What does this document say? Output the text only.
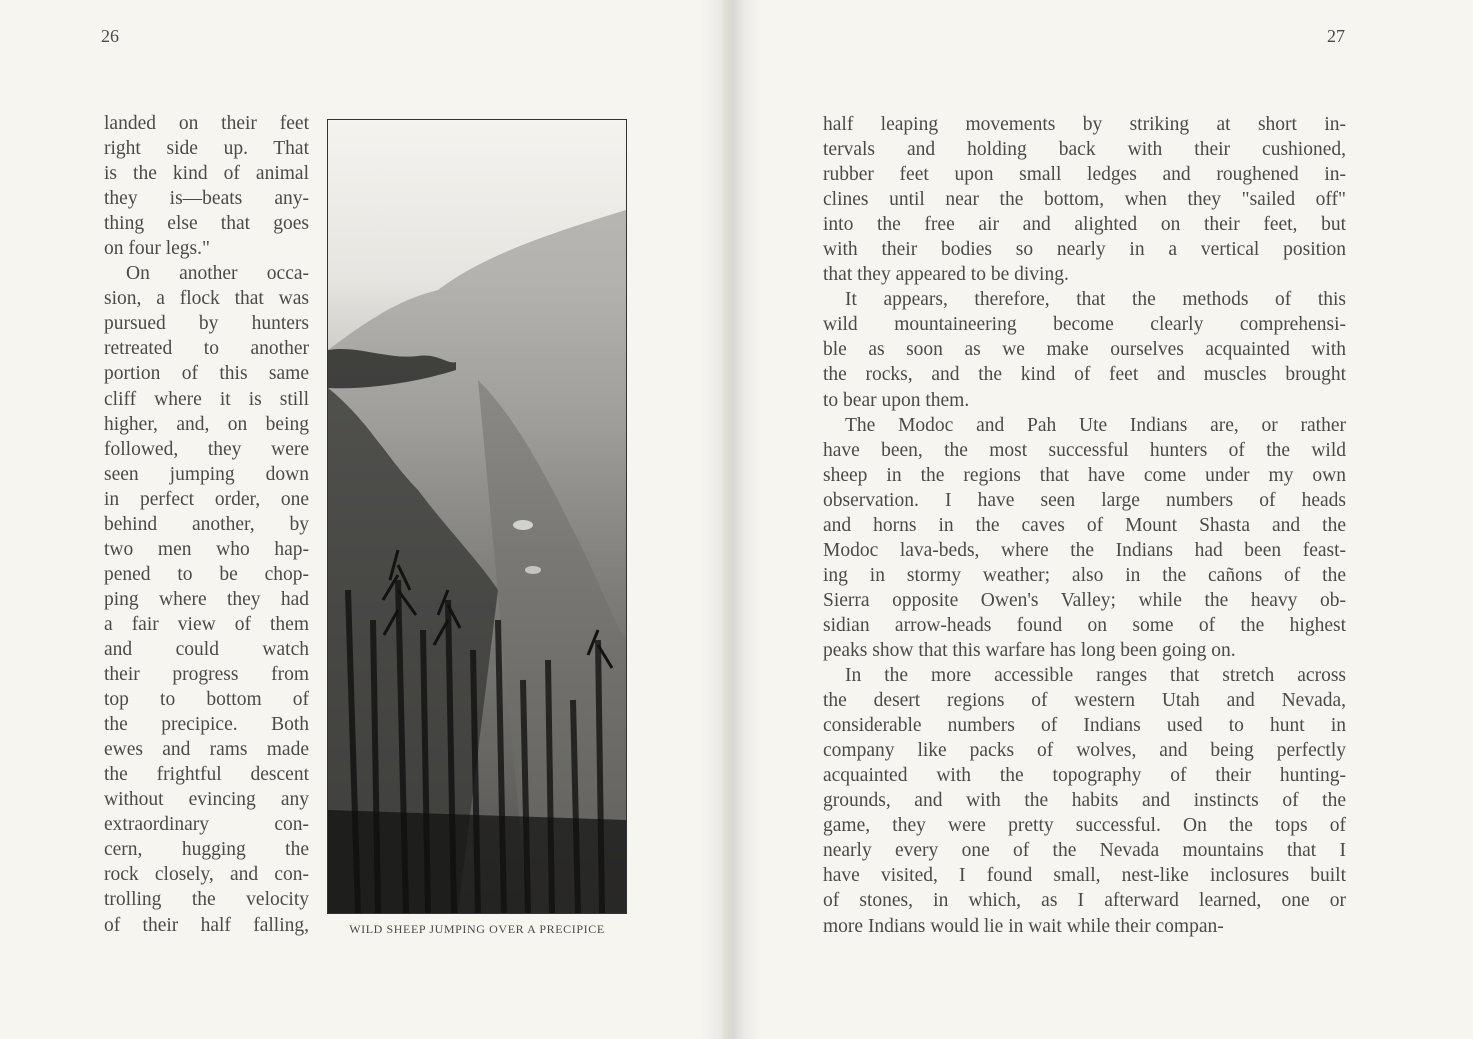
26
landed on their feet
right side up. That
is the kind of animal
they is—beats any-
thing else that goes
on four legs."
On another occa-
sion, a flock that was
pursued by hunters
retreated to another
portion of this same
cliff where it is still
higher, and, on being
followed, they were
seen jumping down
in perfect order, one
behind another, by
two men who hap-
pened to be chop-
ping where they had
a fair view of them
and could watch
their progress from
top to bottom of
the precipice. Both
ewes and rams made
the frightful descent
without evincing any
extraordinary con-
cern, hugging the
rock closely, and con-
trolling the velocity
of their half falling,	WILD SHEEP JUMPING OVER A PRECIPICE
27
half leaping movements by striking at short in-
tervals and holding back with their cushioned,
rubber feet upon small ledges and roughened in-
clines until near the bottom, when they "sailed off"
into the free air and alighted on their feet, but
with their bodies so nearly in a vertical position
that they appeared to be diving.
It appears, therefore, that the methods of this
wild mountaineering become clearly comprehensi-
ble as soon as we make ourselves acquainted with
the rocks, and the kind of feet and muscles brought
to bear upon them.
The Modoc and Pah Ute Indians are, or rather
have been, the most successful hunters of the wild
sheep in the regions that have come under my own
observation. I have seen large numbers of heads
and horns in the caves of Mount Shasta and the
Modoc lava-beds, where the Indians had been feast-
ing in stormy weather; also in the cañons of the
Sierra opposite Owen's Valley; while the heavy ob-
sidian arrow-heads found on some of the highest
peaks show that this warfare has long been going on.
In the more accessible ranges that stretch across
the desert regions of western Utah and Nevada,
considerable numbers of Indians used to hunt in
company like packs of wolves, and being perfectly
acquainted with the topography of their hunting-
grounds, and with the habits and instincts of the
game, they were pretty successful. On the tops of
nearly every one of the Nevada mountains that I
have visited, I found small, nest-like inclosures built
of stones, in which, as I afterward learned, one or
more Indians would lie in wait while their compan-
